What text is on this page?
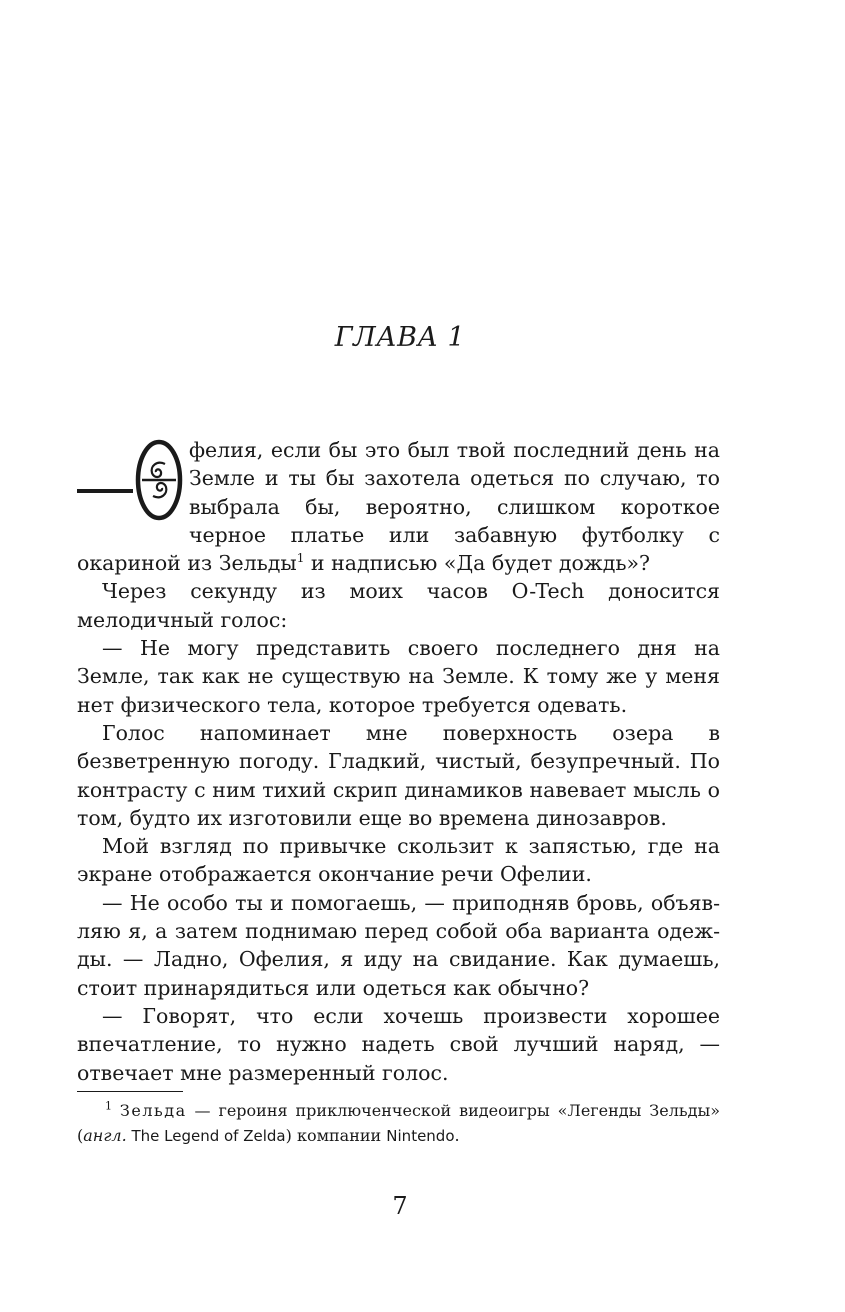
ГЛАВА 1

фелия, если бы это был твой последний день на Земле и ты бы захотела одеться по случаю, то выбрала бы, вероятно, слишком короткое черное платье или забавную футболку с окариной из Зельды$^1$ и надписью «Да будет дождь»?

Через секунду из моих часов O-Tech доносится мелодичный голос:

— Не могу представить своего последнего дня на Земле, так как не существую на Земле. К тому же у меня нет физического тела, которое требуется одевать.

Голос напоминает мне поверхность озера в безветренную погоду. Гладкий, чистый, безупречный. По контрасту с ним тихий скрип динамиков навевает мысль о том, будто их изготовили еще во времена динозавров.

Мой взгляд по привычке скользит к запястью, где на экране отображается окончание речи Офелии.

— Не особо ты и помогаешь, — приподняв бровь, объявляю я, а затем поднимаю перед собой оба варианта одежды. — Ладно, Офелия, я иду на свидание. Как думаешь, стоит принарядиться или одеться как обычно?

— Говорят, что если хочешь произвести хорошее впечатление, то нужно надеть свой лучший наряд, — отвечает мне размеренный голос.

$^1$ Зельда — героиня приключенческой видеоигры «Легенды Зельды» (англ. The Legend of Zelda) компании Nintendo.
7
